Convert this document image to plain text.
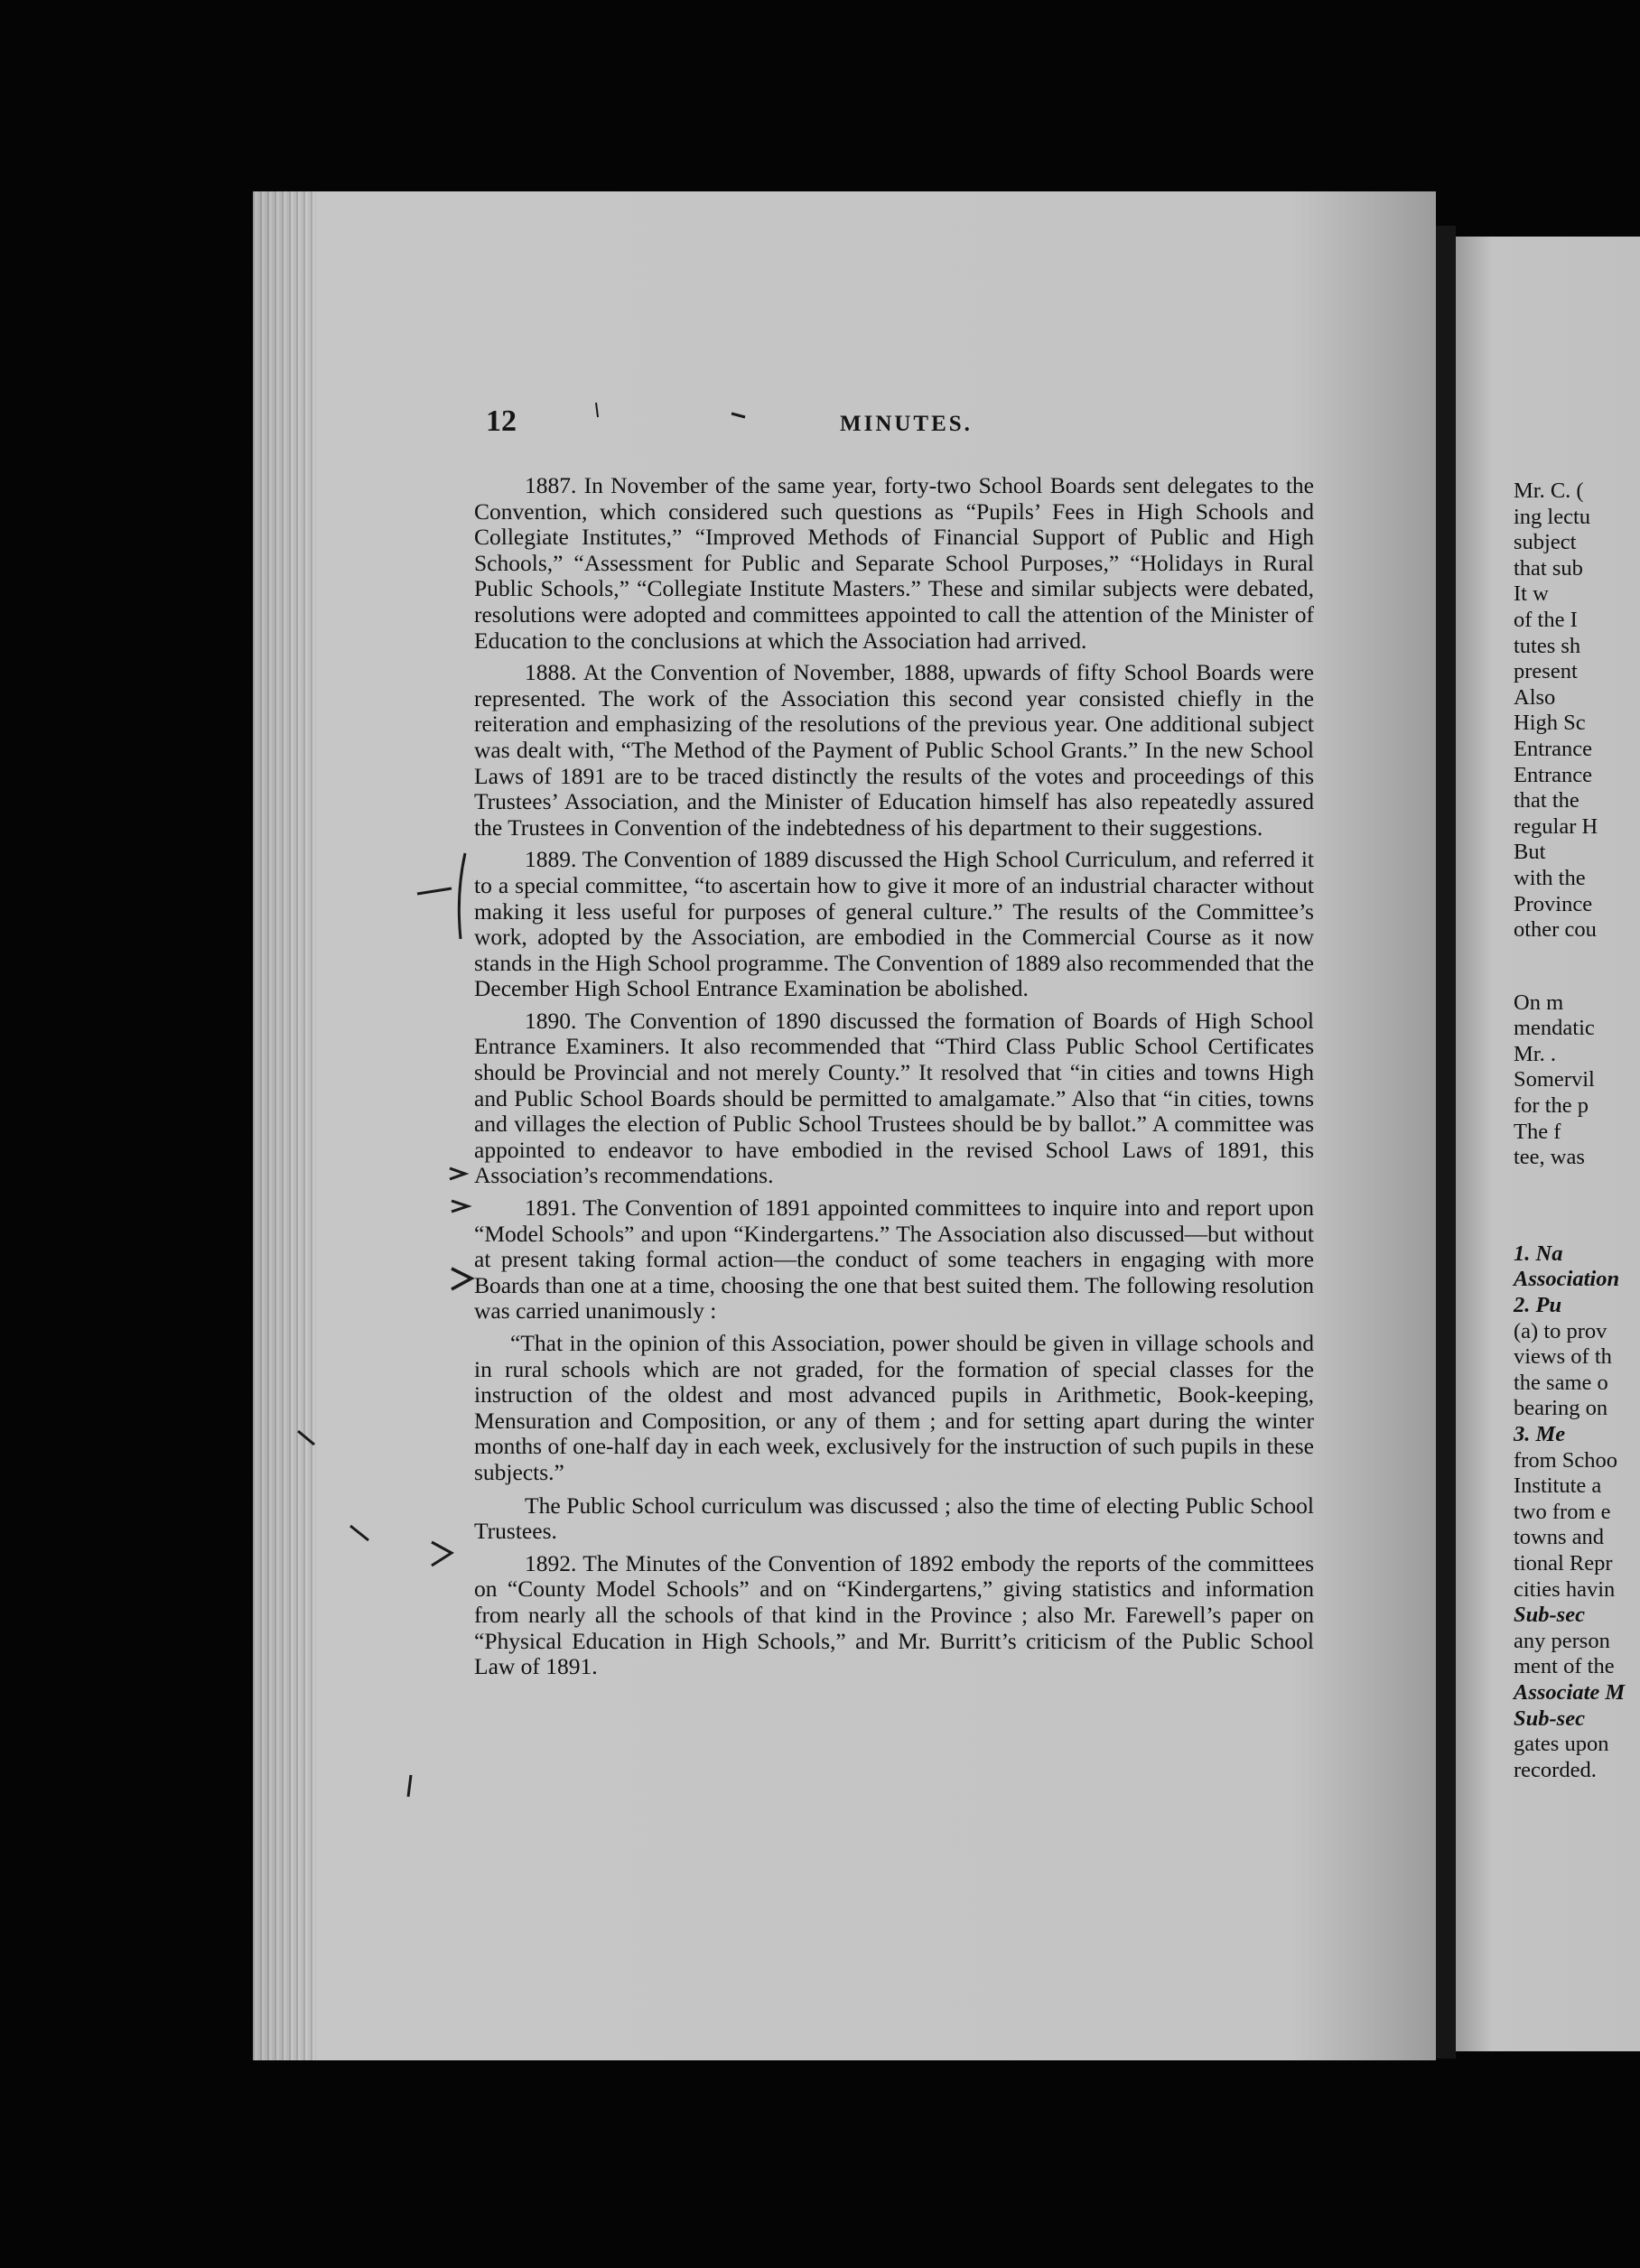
12	MINUTES.

1887. In November of the same year, forty-two School Boards sent delegates to the Convention, which considered such questions as “Pupils’ Fees in High Schools and Collegiate Institutes,” “Improved Methods of Financial Support of Public and High Schools,” “Assessment for Public and Separate School Purposes,” “Holidays in Rural Public Schools,” “Collegiate Institute Masters.” These and similar subjects were debated, resolutions were adopted and committees appointed to call the attention of the Minister of Education to the conclusions at which the Association had arrived.

1888. At the Convention of November, 1888, upwards of fifty School Boards were represented. The work of the Association this second year consisted chiefly in the reiteration and emphasizing of the resolutions of the previous year. One additional subject was dealt with, “The Method of the Payment of Public School Grants.” In the new School Laws of 1891 are to be traced distinctly the results of the votes and proceedings of this Trustees’ Association, and the Minister of Education himself has also repeatedly assured the Trustees in Convention of the indebtedness of his department to their suggestions.

1889. The Convention of 1889 discussed the High School Curriculum, and referred it to a special committee, “to ascertain how to give it more of an industrial character without making it less useful for purposes of general culture.” The results of the Committee’s work, adopted by the Association, are embodied in the Commercial Course as it now stands in the High School programme. The Convention of 1889 also recommended that the December High School Entrance Examination be abolished.

1890. The Convention of 1890 discussed the formation of Boards of High School Entrance Examiners. It also recommended that “Third Class Public School Certificates should be Provincial and not merely County.” It resolved that “in cities and towns High and Public School Boards should be permitted to amalgamate.” Also that “in cities, towns and villages the election of Public School Trustees should be by ballot.” A committee was appointed to endeavor to have embodied in the revised School Laws of 1891, this Association’s recommendations.

1891. The Convention of 1891 appointed committees to inquire into and report upon “Model Schools” and upon “Kindergartens.” The Association also discussed—but without at present taking formal action—the conduct of some teachers in engaging with more Boards than one at a time, choosing the one that best suited them. The following resolution was carried unanimously :

“That in the opinion of this Association, power should be given in village schools and in rural schools which are not graded, for the formation of special classes for the instruction of the oldest and most advanced pupils in Arithmetic, Book-keeping, Mensuration and Composition, or any of them ; and for setting apart during the winter months of one-half day in each week, exclusively for the instruction of such pupils in these subjects.”

The Public School curriculum was discussed ; also the time of electing Public School Trustees.

1892. The Minutes of the Convention of 1892 embody the reports of the committees on “County Model Schools” and on “Kindergartens,” giving statistics and information from nearly all the schools of that kind in the Province ; also Mr. Farewell’s paper on “Physical Education in High Schools,” and Mr. Burritt’s criticism of the Public School Law of 1891.

Mr. C. (
ing lectu
subject
that sub
It w
of the I
tutes sh
present
Also
High Sc
Entrance
Entrance
that the
regular H
But
with the
Province
other cou
On m
mendatic
Mr. .
Somervil
for the p
The f
tee, was
1. Na
Association
2. Pu
(a) to prov
views of th
the same o
bearing on
3. Me
from Schoo
Institute a
two from e
towns and
tional Repr
cities havin
Sub-sec
any person
ment of the
Associate M
Sub-sec
gates upon
recorded.
